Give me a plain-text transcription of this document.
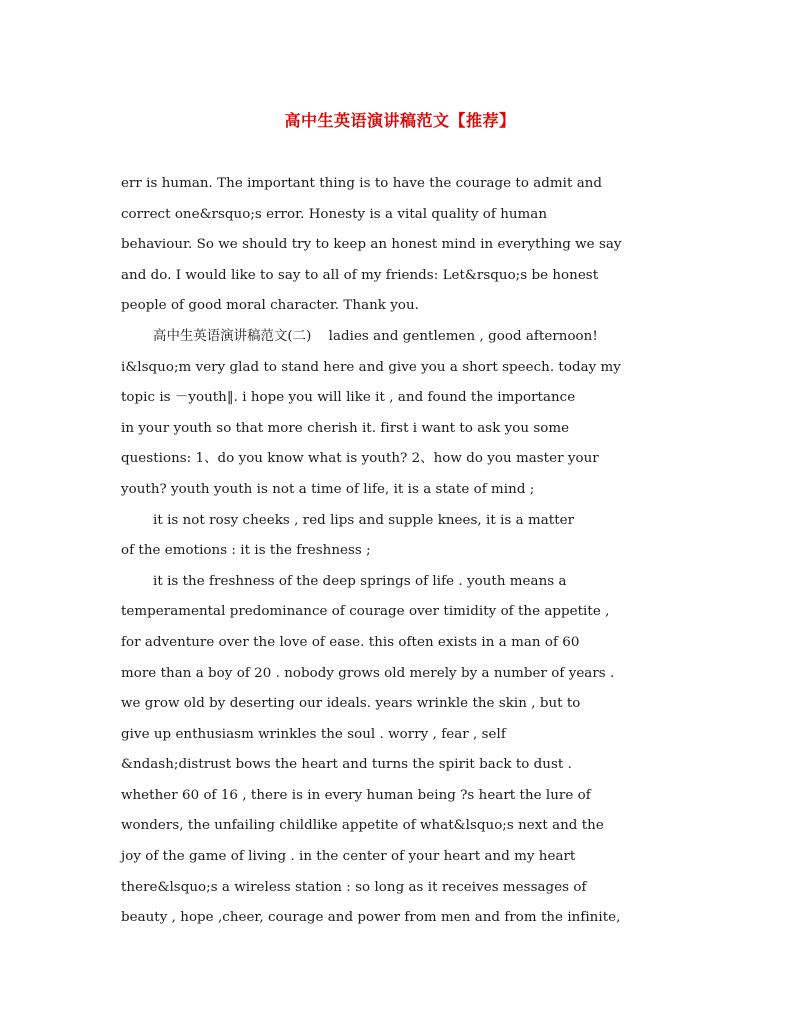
高中生英语演讲稿范文【推荐】

err is human. The important thing is to have the courage to admit and

correct one&rsquo;s error. Honesty is a vital quality of human

behaviour. So we should try to keep an honest mind in everything we say

and do. I would like to say to all of my friends: Let&rsquo;s be honest

people of good moral character. Thank you.

高中生英语演讲稿范文(二)    ladies and gentlemen , good afternoon!

i&lsquo;m very glad to stand here and give you a short speech. today my

topic is －youth‖. i hope you will like it , and found the importance

in your youth so that more cherish it. first i want to ask you some

questions: 1、do you know what is youth? 2、how do you master your

youth? youth youth is not a time of life, it is a state of mind ;

it is not rosy cheeks , red lips and supple knees, it is a matter

of the emotions : it is the freshness ;

it is the freshness of the deep springs of life . youth means a

temperamental predominance of courage over timidity of the appetite ,

for adventure over the love of ease. this often exists in a man of 60

more than a boy of 20 . nobody grows old merely by a number of years .

we grow old by deserting our ideals. years wrinkle the skin , but to

give up enthusiasm wrinkles the soul . worry , fear , self

&ndash;distrust bows the heart and turns the spirit back to dust .

whether 60 of 16 , there is in every human being ?s heart the lure of

wonders, the unfailing childlike appetite of what&lsquo;s next and the

joy of the game of living . in the center of your heart and my heart

there&lsquo;s a wireless station : so long as it receives messages of

beauty , hope ,cheer, courage and power from men and from the infinite,
